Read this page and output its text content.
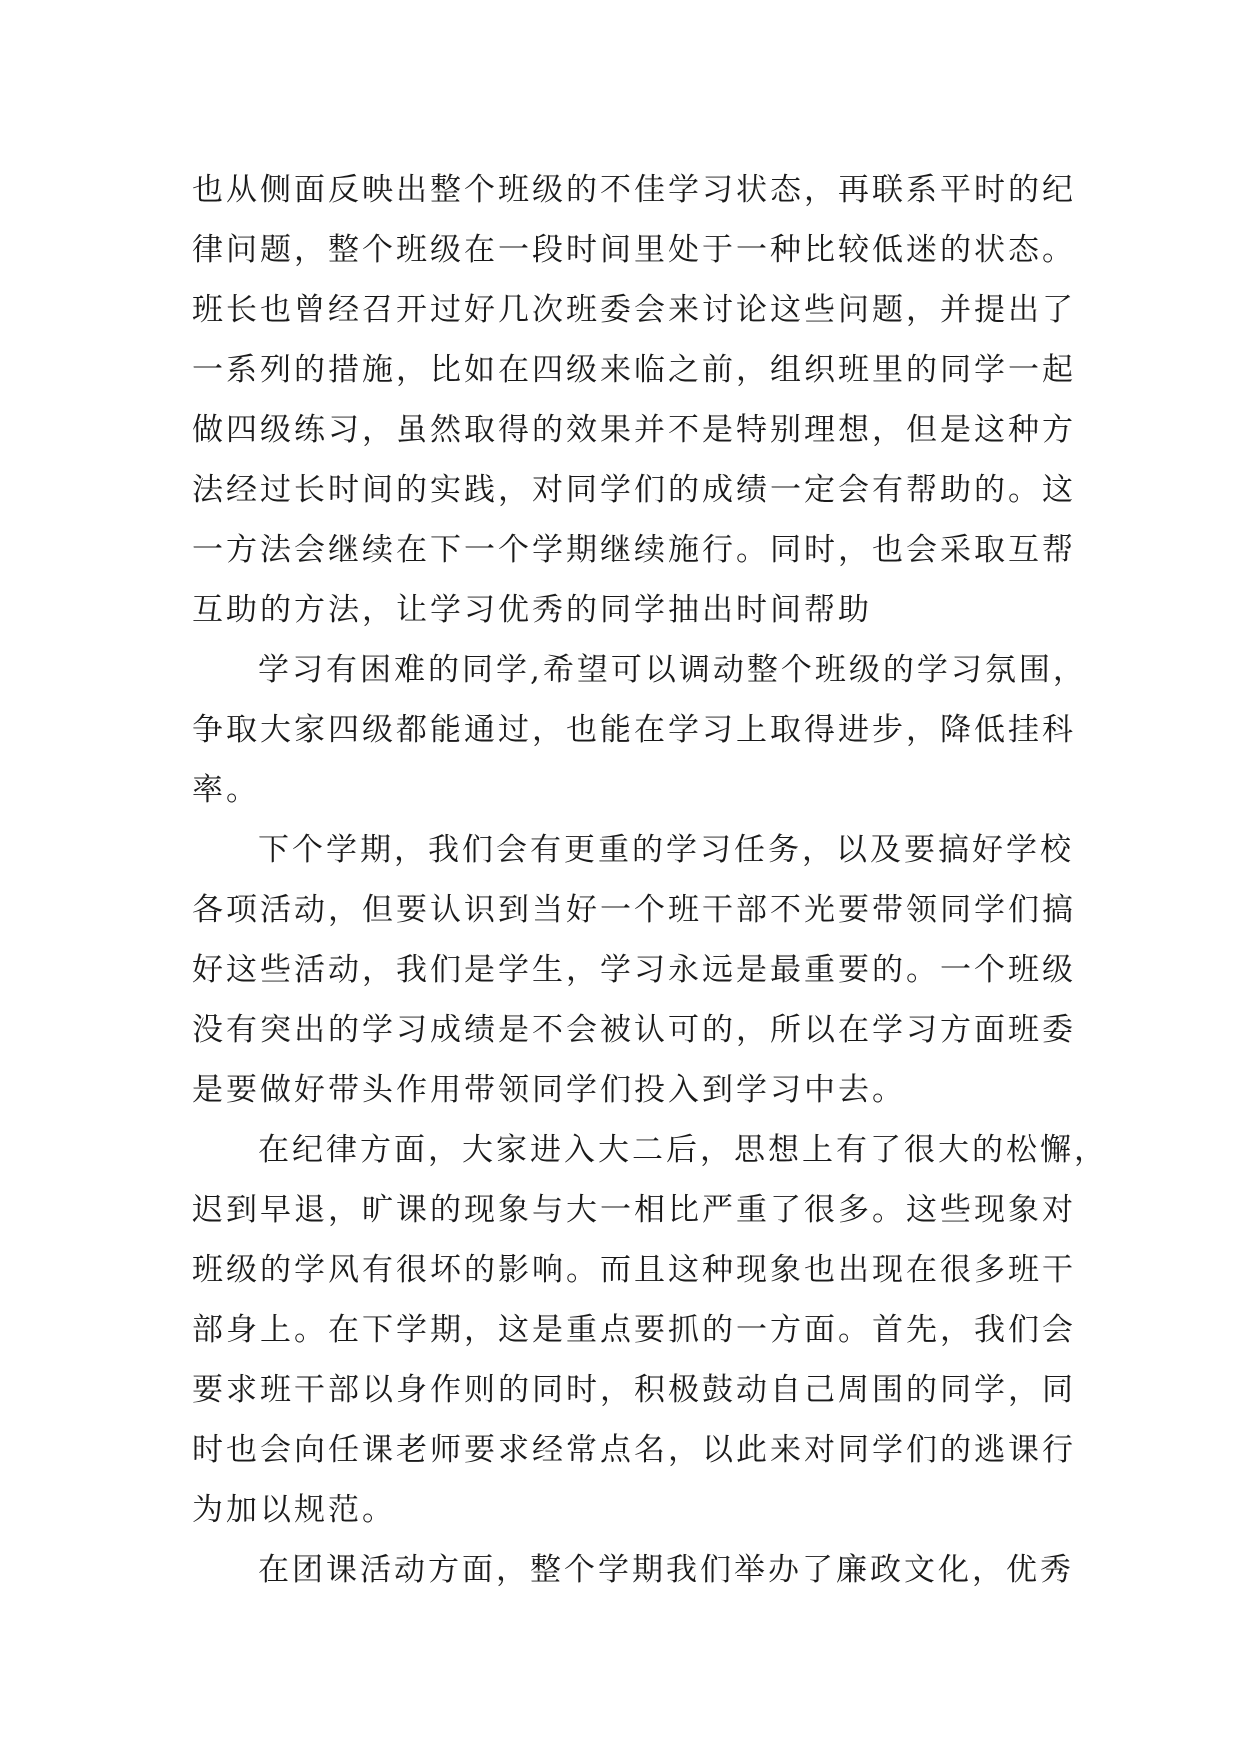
也从侧面反映出整个班级的不佳学习状态，再联系平时的纪
律问题，整个班级在一段时间里处于一种比较低迷的状态。
班长也曾经召开过好几次班委会来讨论这些问题，并提出了
一系列的措施，比如在四级来临之前，组织班里的同学一起
做四级练习，虽然取得的效果并不是特别理想，但是这种方
法经过长时间的实践，对同学们的成绩一定会有帮助的。这
一方法会继续在下一个学期继续施行。同时，也会采取互帮
互助的方法，让学习优秀的同学抽出时间帮助
学习有困难的同学,希望可以调动整个班级的学习氛围，
争取大家四级都能通过，也能在学习上取得进步，降低挂科
率。
下个学期，我们会有更重的学习任务，以及要搞好学校
各项活动，但要认识到当好一个班干部不光要带领同学们搞
好这些活动，我们是学生，学习永远是最重要的。一个班级
没有突出的学习成绩是不会被认可的，所以在学习方面班委
是要做好带头作用带领同学们投入到学习中去。
在纪律方面，大家进入大二后，思想上有了很大的松懈，
迟到早退，旷课的现象与大一相比严重了很多。这些现象对
班级的学风有很坏的影响。而且这种现象也出现在很多班干
部身上。在下学期，这是重点要抓的一方面。首先，我们会
要求班干部以身作则的同时，积极鼓动自己周围的同学，同
时也会向任课老师要求经常点名，以此来对同学们的逃课行
为加以规范。
在团课活动方面，整个学期我们举办了廉政文化，优秀
